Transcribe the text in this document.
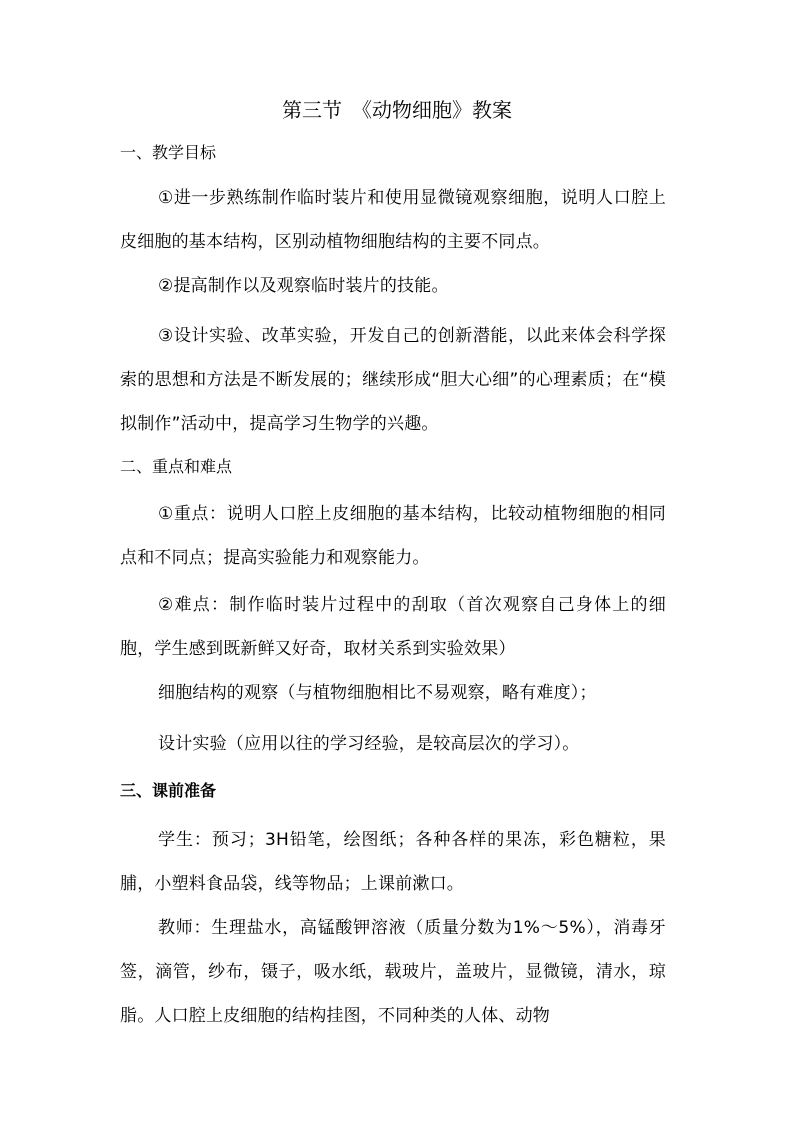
第三节　《动物细胞》教案
一、教学目标
①进一步熟练制作临时装片和使用显微镜观察细胞，说明人口腔上皮细胞的基本结构，区别动植物细胞结构的主要不同点。
②提高制作以及观察临时装片的技能。
③设计实验、改革实验，开发自己的创新潜能，以此来体会科学探索的思想和方法是不断发展的；继续形成“胆大心细”的心理素质；在“模拟制作”活动中，提高学习生物学的兴趣。
二、重点和难点
①重点：说明人口腔上皮细胞的基本结构，比较动植物细胞的相同点和不同点；提高实验能力和观察能力。
②难点：制作临时装片过程中的刮取（首次观察自己身体上的细胞，学生感到既新鲜又好奇，取材关系到实验效果）
细胞结构的观察（与植物细胞相比不易观察，略有难度）；
设计实验（应用以往的学习经验，是较高层次的学习）。
三、课前准备
学生：预习；3H铅笔，绘图纸；各种各样的果冻，彩色糖粒，果脯，小塑料食品袋，线等物品；上课前漱口。
教师：生理盐水，高锰酸钾溶液（质量分数为1%～5%），消毒牙签，滴管，纱布，镊子，吸水纸，载玻片，盖玻片，显微镜，清水，琼脂。人口腔上皮细胞的结构挂图，不同种类的人体、动物
